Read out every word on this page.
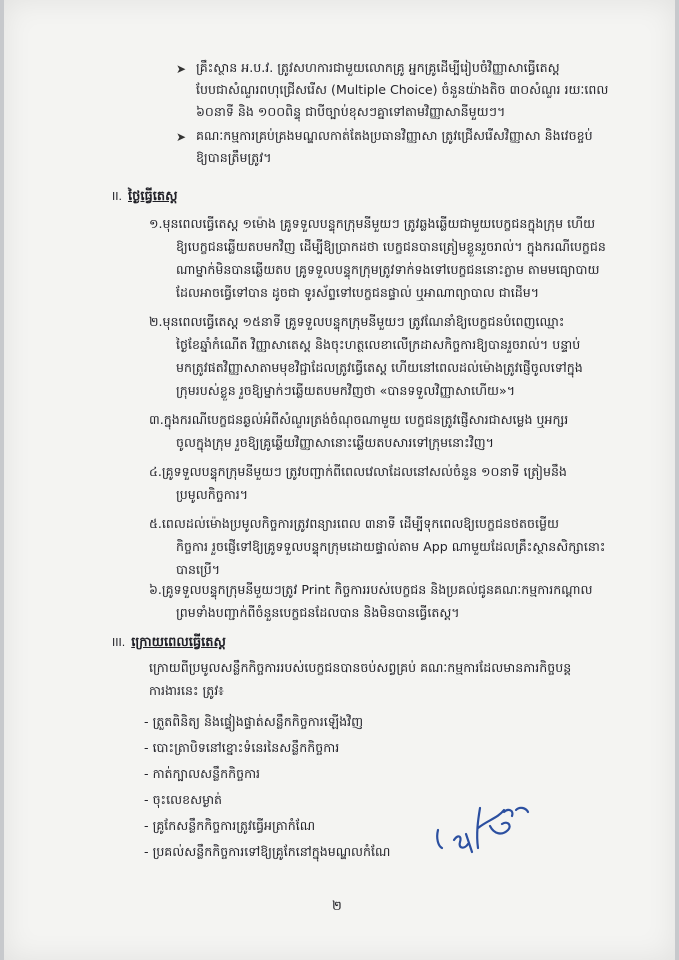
➤ គ្រឹះស្ថាន អ.ប.វ. ត្រូវសហការជាមួយលោកគ្រូ អ្នកគ្រូដើម្បីរៀបចំវិញ្ញាសាធ្វើតេស្ត
បែបជាសំណួរពហុជ្រើសរើស (Multiple Choice) ចំនួនយ៉ាងតិច ៣០សំណួរ រយៈពេល
៦០នាទី និង ១០០ពិន្ទុ ជាបីច្បាប់ខុសៗគ្នាទៅតាមវិញ្ញាសានីមួយៗ។
➤ គណៈកម្មការគ្រប់គ្រងមណ្ឌលកាត់តែងប្រធានវិញ្ញាសា ត្រូវជ្រើសរើសវិញ្ញាសា និងវេចខ្ចប់
ឱ្យបានត្រឹមត្រូវ។
II. ថ្ងៃធ្វើតេស្ត
១.មុនពេលធ្វើតេស្ត ១ម៉ោង គ្រូទទួលបន្ទុកក្រុមនីមួយៗ ត្រូវឆ្លងឆ្លើយជាមួយបេក្ខជនក្នុងក្រុម ហើយ
ឱ្យបេក្ខជនឆ្លើយតបមកវិញ ដើម្បីឱ្យប្រាកដថា បេក្ខជនបានត្រៀមខ្លួនរួចរាល់។ ក្នុងករណីបេក្ខជន
ណាម្នាក់មិនបានឆ្លើយតប គ្រូទទួលបន្ទុកក្រុមត្រូវទាក់ទងទៅបេក្ខជននោះភ្លាម តាមមធ្យោបាយ
ដែលអាចធ្វើទៅបាន ដូចជា ទូរស័ព្ទទៅបេក្ខជនផ្ទាល់ ឬអាណាព្យាបាល ជាដើម។
២.មុនពេលធ្វើតេស្ត ១៥នាទី គ្រូទទួលបន្ទុកក្រុមនីមួយៗ ត្រូវណែនាំឱ្យបេក្ខជនបំពេញឈ្មោះ
ថ្ងៃខែឆ្នាំកំណើត វិញ្ញាសាតេស្ត និងចុះហត្ថលេខាលើក្រដាសកិច្ចការឱ្យបានរួចរាល់។ បន្ទាប់
មកត្រូវផតវិញ្ញាសាតាមមុខវិជ្ជាដែលត្រូវធ្វើតេស្ត ហើយនៅពេលដល់ម៉ោងត្រូវផ្ញើចូលទៅក្នុង
ក្រុមរបស់ខ្លួន រួចឱ្យម្នាក់ៗឆ្លើយតបមកវិញថា «បានទទួលវិញ្ញាសាហើយ»។
៣.ក្នុងករណីបេក្ខជនឆ្ងល់អំពីសំណួរត្រង់ចំណុចណាមួយ បេក្ខជនត្រូវផ្ញើសារជាសម្លេង ឬអក្សរ
ចូលក្នុងក្រុម រួចឱ្យគ្រូឆ្លើយវិញ្ញាសានោះឆ្លើយតបសារទៅក្រុមនោះវិញ។
៤.គ្រូទទួលបន្ទុកក្រុមនីមួយៗ ត្រូវបញ្ជាក់ពីពេលវេលាដែលនៅសល់ចំនួន ១០នាទី ត្រៀមនឹង
ប្រមូលកិច្ចការ។
៥.ពេលដល់ម៉ោងប្រមូលកិច្ចការត្រូវពន្យារពេល ៣នាទី ដើម្បីទុកពេលឱ្យបេក្ខជនថតចម្លើយ
កិច្ចការ រួចផ្ញើទៅឱ្យគ្រូទទួលបន្ទុកក្រុមដោយផ្ទាល់តាម App ណាមួយដែលគ្រឹះស្ថានសិក្សានោះ
បានប្រើ។
៦.គ្រូទទួលបន្ទុកក្រុមនីមួយៗត្រូវ Print កិច្ចការរបស់បេក្ខជន និងប្រគល់ជូនគណៈកម្មការកណ្តាល
ព្រមទាំងបញ្ជាក់ពីចំនួនបេក្ខជនដែលបាន និងមិនបានធ្វើតេស្ត។
III. ក្រោយពេលធ្វើតេស្ត
ក្រោយពីប្រមូលសន្លឹកកិច្ចការរបស់បេក្ខជនបានចប់សព្វគ្រប់ គណៈកម្មការដែលមានភារកិច្ចបន្ត
ការងារនេះ ត្រូវ៖
- ត្រួតពិនិត្យ និងផ្ទៀងផ្ទាត់សន្លឹកកិច្ចការឡើងវិញ
- បោះត្រាបិទនៅខ្នោះទំនេរនៃសន្លឹកកិច្ចការ
- កាត់ក្បាលសន្លឹកកិច្ចការ
- ចុះលេខសម្ងាត់
- គ្រូកែសន្លឹកកិច្ចការត្រូវធ្វើអត្រាកំណែ
- ប្រគល់សន្លឹកកិច្ចការទៅឱ្យគ្រូកែនៅក្នុងមណ្ឌលកំណែ
២
